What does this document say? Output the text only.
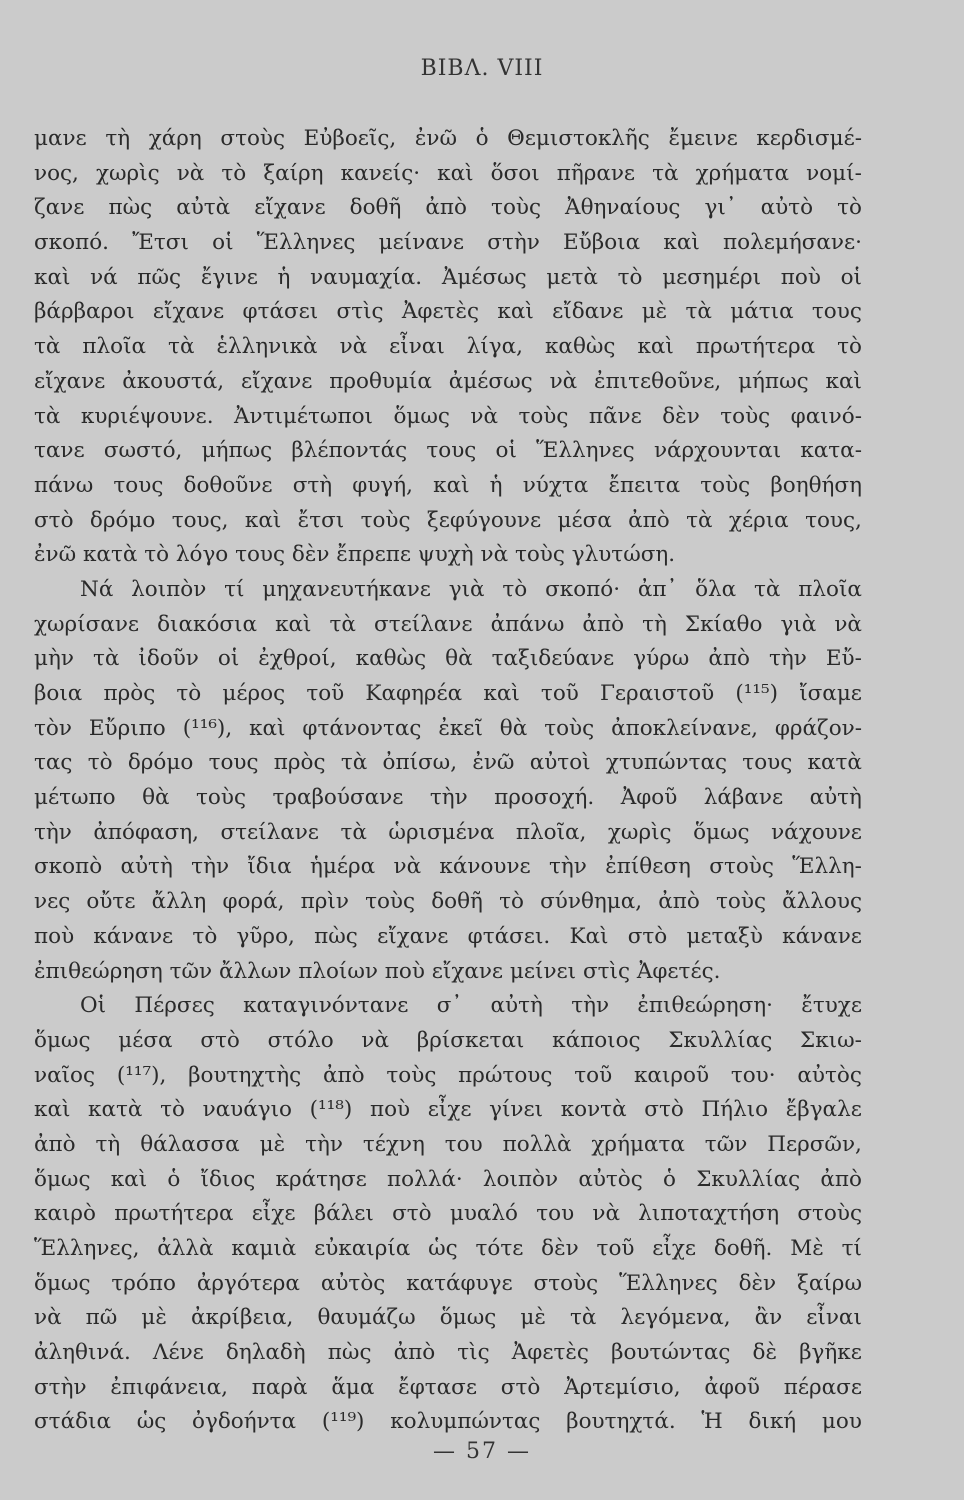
ΒΙΒΛ. VIII
μανε τὴ χάρη στοὺς Εὐβοεῖς, ἐνῶ ὁ Θεμιστοκλῆς ἔμεινε κερδισμέ-
νος, χωρὶς νὰ τὸ ξαίρη κανείς· καὶ ὅσοι πῆρανε τὰ χρήματα νομί-
ζανε πὼς αὐτὰ εἴχανε δοθῆ ἀπὸ τοὺς Ἀθηναίους γι᾽ αὐτὸ τὸ
σκοπό. Ἔτσι οἱ Ἕλληνες μείνανε στὴν Εὔβοια καὶ πολεμήσανε·
καὶ νά πῶς ἔγινε ἡ ναυμαχία. Ἀμέσως μετὰ τὸ μεσημέρι ποὺ οἱ
βάρβαροι εἴχανε φτάσει στὶς Ἀφετὲς καὶ εἴδανε μὲ τὰ μάτια τους
τὰ πλοῖα τὰ ἑλληνικὰ νὰ εἶναι λίγα, καθὼς καὶ πρωτήτερα τὸ
εἴχανε ἀκουστά, εἴχανε προθυμία ἀμέσως νὰ ἐπιτεθοῦνε, μήπως καὶ
τὰ κυριέψουνε. Ἀντιμέτωποι ὅμως νὰ τοὺς πᾶνε δὲν τοὺς φαινό-
τανε σωστό, μήπως βλέποντάς τους οἱ Ἕλληνες νάρχουνται κατα-
πάνω τους δοθοῦνε στὴ φυγή, καὶ ἡ νύχτα ἔπειτα τοὺς βοηθήση
στὸ δρόμο τους, καὶ ἔτσι τοὺς ξεφύγουνε μέσα ἀπὸ τὰ χέρια τους,
ἐνῶ κατὰ τὸ λόγο τους δὲν ἔπρεπε ψυχὴ νὰ τοὺς γλυτώση.
Νά λοιπὸν τί μηχανευτήκανε γιὰ τὸ σκοπό· ἀπ᾽ ὅλα τὰ πλοῖα
χωρίσανε διακόσια καὶ τὰ στείλανε ἀπάνω ἀπὸ τὴ Σκίαθο γιὰ νὰ
μὴν τὰ ἰδοῦν οἱ ἐχθροί, καθὼς θὰ ταξιδεύανε γύρω ἀπὸ τὴν Εὔ-
βοια πρὸς τὸ μέρος τοῦ Καφηρέα καὶ τοῦ Γεραιστοῦ (¹¹⁵) ἴσαμε
τὸν Εὔριπο (¹¹⁶), καὶ φτάνοντας ἐκεῖ θὰ τοὺς ἀποκλείνανε, φράζον-
τας τὸ δρόμο τους πρὸς τὰ ὀπίσω, ἐνῶ αὐτοὶ χτυπώντας τους κατὰ
μέτωπο θὰ τοὺς τραβούσανε τὴν προσοχή. Ἀφοῦ λάβανε αὐτὴ
τὴν ἀπόφαση, στείλανε τὰ ὡρισμένα πλοῖα, χωρὶς ὅμως νάχουνε
σκοπὸ αὐτὴ τὴν ἴδια ἡμέρα νὰ κάνουνε τὴν ἐπίθεση στοὺς Ἕλλη-
νες οὔτε ἄλλη φορά, πρὶν τοὺς δοθῆ τὸ σύνθημα, ἀπὸ τοὺς ἄλλους
ποὺ κάνανε τὸ γῦρο, πὼς εἴχανε φτάσει. Καὶ στὸ μεταξὺ κάνανε
ἐπιθεώρηση τῶν ἄλλων πλοίων ποὺ εἴχανε μείνει στὶς Ἀφετές.
Οἱ Πέρσες καταγινόντανε σ᾽ αὐτὴ τὴν ἐπιθεώρηση· ἔτυχε
ὅμως μέσα στὸ στόλο νὰ βρίσκεται κάποιος Σκυλλίας Σκιω-
ναῖος (¹¹⁷), βουτηχτὴς ἀπὸ τοὺς πρώτους τοῦ καιροῦ του· αὐτὸς
καὶ κατὰ τὸ ναυάγιο (¹¹⁸) ποὺ εἶχε γίνει κοντὰ στὸ Πήλιο ἔβγαλε
ἀπὸ τὴ θάλασσα μὲ τὴν τέχνη του πολλὰ χρήματα τῶν Περσῶν,
ὅμως καὶ ὁ ἴδιος κράτησε πολλά· λοιπὸν αὐτὸς ὁ Σκυλλίας ἀπὸ
καιρὸ πρωτήτερα εἶχε βάλει στὸ μυαλό του νὰ λιποταχτήση στοὺς
Ἕλληνες, ἀλλὰ καμιὰ εὐκαιρία ὡς τότε δὲν τοῦ εἶχε δοθῆ. Μὲ τί
ὅμως τρόπο ἀργότερα αὐτὸς κατάφυγε στοὺς Ἕλληνες δὲν ξαίρω
νὰ πῶ μὲ ἀκρίβεια, θαυμάζω ὅμως μὲ τὰ λεγόμενα, ἂν εἶναι
ἀληθινά. Λένε δηλαδὴ πὼς ἀπὸ τὶς Ἀφετὲς βουτώντας δὲ βγῆκε
στὴν ἐπιφάνεια, παρὰ ἅμα ἔφτασε στὸ Ἀρτεμίσιο, ἀφοῦ πέρασε
στάδια ὡς ὀγδοήντα (¹¹⁹) κολυμπώντας βουτηχτά. Ἡ δική μου
— 57 —
